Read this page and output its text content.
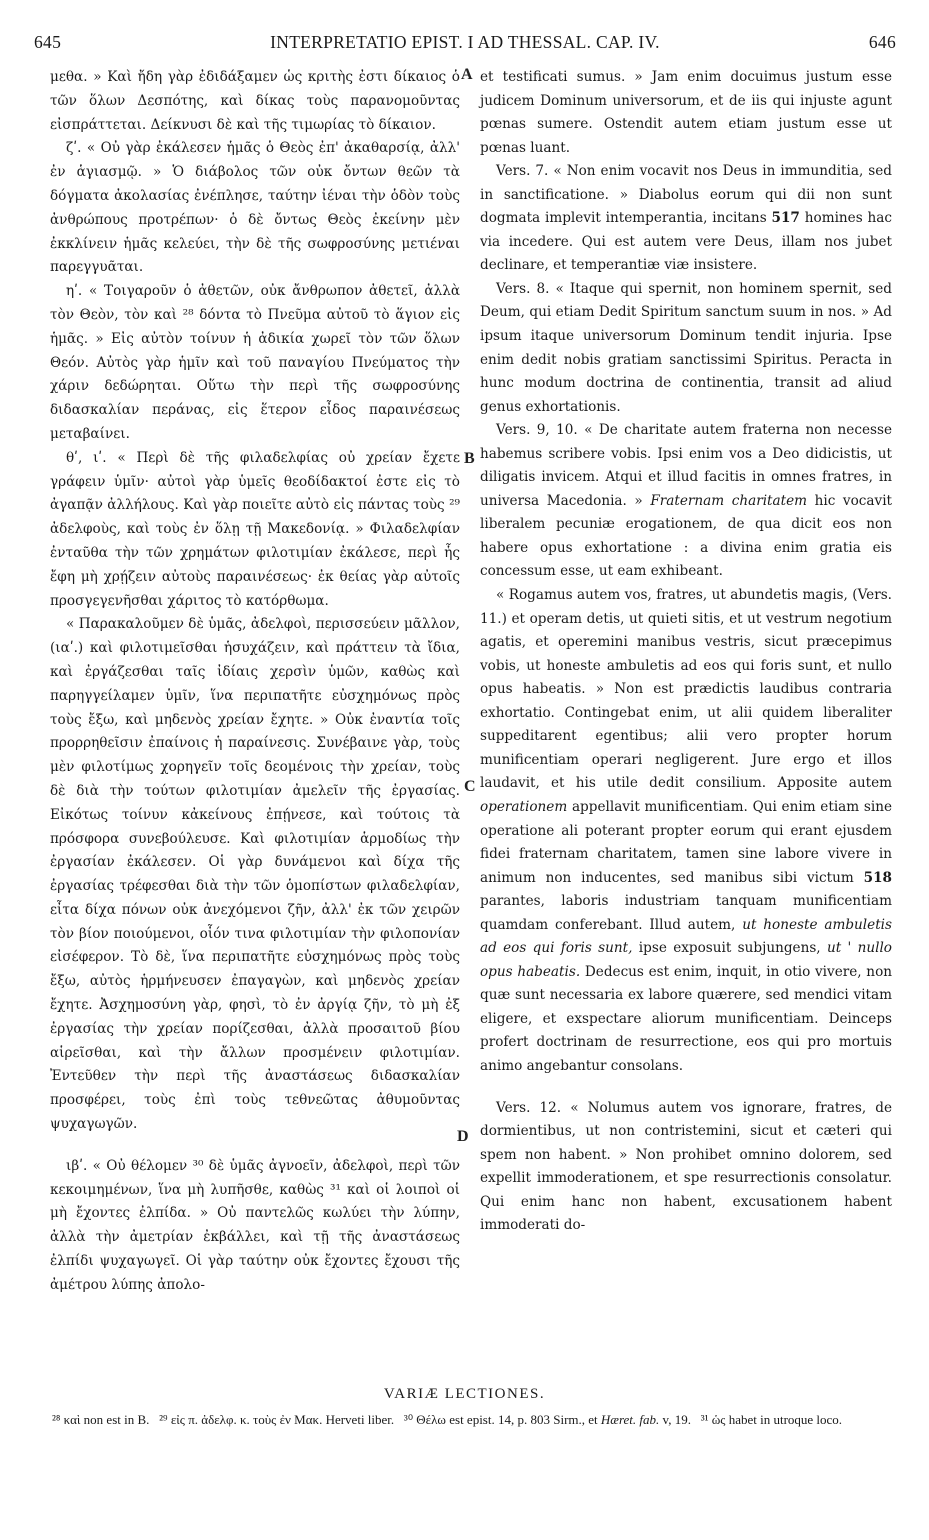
645	INTERPRETATIO EPIST. I AD THESSAL. CAP. IV.	646
A
B
C
D

μεθα. » Καὶ ἤδη γὰρ ἐδιδάξαμεν ὡς κριτὴς ἐστι δίκαιος ὁ τῶν ὅλων Δεσπότης, καὶ δίκας τοὺς παρανομοῦντας εἰσπράττεται. Δείκνυσι δὲ καὶ τῆς τιμωρίας τὸ δίκαιον.

ζʹ. « Οὐ γὰρ ἐκάλεσεν ἡμᾶς ὁ Θεὸς ἐπ' ἀκαθαρσίᾳ, ἀλλ' ἐν ἁγιασμῷ. » Ὁ διάβολος τῶν οὐκ ὄντων θεῶν τὰ δόγματα ἀκολασίας ἐνέπλησε, ταύτην ἰέναι τὴν ὁδὸν τοὺς ἀνθρώπους προτρέπων· ὁ δὲ ὄντως Θεὸς ἐκείνην μὲν ἐκκλίνειν ἡμᾶς κελεύει, τὴν δὲ τῆς σωφροσύνης μετιέναι παρεγγυᾶται.

ηʹ. « Τοιγαροῦν ὁ ἀθετῶν, οὐκ ἄνθρωπον ἀθετεῖ, ἀλλὰ τὸν Θεὸν, τὸν καὶ ²⁸ δόντα τὸ Πνεῦμα αὐτοῦ τὸ ἅγιον εἰς ἡμᾶς. » Εἰς αὐτὸν τοίνυν ἡ ἀδικία χωρεῖ τὸν τῶν ὅλων Θεόν. Αὐτὸς γὰρ ἡμῖν καὶ τοῦ παναγίου Πνεύματος τὴν χάριν δεδώρηται. Οὕτω τὴν περὶ τῆς σωφροσύνης διδασκαλίαν περάνας, εἰς ἕτερον εἶδος παραινέσεως μεταβαίνει.

θʹ, ιʹ. « Περὶ δὲ τῆς φιλαδελφίας οὐ χρείαν ἔχετε γράφειν ὑμῖν· αὐτοὶ γὰρ ὑμεῖς θεοδίδακτοί ἐστε εἰς τὸ ἀγαπᾷν ἀλλήλους. Καὶ γὰρ ποιεῖτε αὐτὸ εἰς πάντας τοὺς ²⁹ ἀδελφοὺς, καὶ τοὺς ἐν ὅλῃ τῇ Μακεδονίᾳ. » Φιλαδελφίαν ἐνταῦθα τὴν τῶν χρημάτων φιλοτιμίαν ἐκάλεσε, περὶ ἧς ἔφη μὴ χρῄζειν αὐτοὺς παραινέσεως· ἐκ θείας γὰρ αὐτοῖς προσγεγενῆσθαι χάριτος τὸ κατόρθωμα.

« Παρακαλοῦμεν δὲ ὑμᾶς, ἀδελφοὶ, περισσεύειν μᾶλλον, (ιαʹ.) καὶ φιλοτιμεῖσθαι ἡσυχάζειν, καὶ πράττειν τὰ ἴδια, καὶ ἐργάζεσθαι ταῖς ἰδίαις χερσὶν ὑμῶν, καθὼς καὶ παρηγγείλαμεν ὑμῖν, ἵνα περιπατῆτε εὐσχημόνως πρὸς τοὺς ἔξω, καὶ μηδενὸς χρείαν ἔχητε. » Οὐκ ἐναντία τοῖς προρρηθεῖσιν ἐπαίνοις ἡ παραίνεσις. Συνέβαινε γὰρ, τοὺς μὲν φιλοτίμως χορηγεῖν τοῖς δεομένοις τὴν χρείαν, τοὺς δὲ διὰ τὴν τούτων φιλοτιμίαν ἀμελεῖν τῆς ἐργασίας. Εἰκότως τοίνυν κἀκείνους ἐπῄνεσε, καὶ τούτοις τὰ πρόσφορα συνεβούλευσε. Καὶ φιλοτιμίαν ἁρμοδίως τὴν ἐργασίαν ἐκάλεσεν. Οἱ γὰρ δυνάμενοι καὶ δίχα τῆς ἐργασίας τρέφεσθαι διὰ τὴν τῶν ὁμοπίστων φιλαδελφίαν, εἶτα δίχα πόνων οὐκ ἀνεχόμενοι ζῆν, ἀλλ' ἐκ τῶν χειρῶν τὸν βίον ποιούμενοι, οἷόν τινα φιλοτιμίαν τὴν φιλοπονίαν εἰσέφερον. Τὸ δὲ, ἵνα περιπατῆτε εὐσχημόνως πρὸς τοὺς ἔξω, αὐτὸς ἡρμήνευσεν ἐπαγαγὼν, καὶ μηδενὸς χρείαν ἔχητε. Ἀσχημοσύνη γὰρ, φησὶ, τὸ ἐν ἀργίᾳ ζῆν, τὸ μὴ ἐξ ἐργασίας τὴν χρείαν πορίζεσθαι, ἀλλὰ προσαιτοῦ βίου αἱρεῖσθαι, καὶ τὴν ἄλλων προσμένειν φιλοτιμίαν. Ἐντεῦθεν τὴν περὶ τῆς ἀναστάσεως διδασκαλίαν προσφέρει, τοὺς ἐπὶ τοὺς τεθνεῶτας ἀθυμοῦντας ψυχαγωγῶν.

ιβʹ. « Οὐ θέλομεν ³⁰ δὲ ὑμᾶς ἀγνοεῖν, ἀδελφοὶ, περὶ τῶν κεκοιμημένων, ἵνα μὴ λυπῆσθε, καθὼς ³¹ καὶ οἱ λοιποὶ οἱ μὴ ἔχοντες ἐλπίδα. » Οὐ παντελῶς κωλύει τὴν λύπην, ἀλλὰ τὴν ἀμετρίαν ἐκβάλλει, καὶ τῇ τῆς ἀναστάσεως ἐλπίδι ψυχαγωγεῖ. Οἱ γὰρ ταύτην οὐκ ἔχοντες ἔχουσι τῆς ἀμέτρου λύπης ἀπολο-

et testificati sumus. » Jam enim docuimus justum esse judicem Dominum universorum, et de iis qui injuste agunt pœnas sumere. Ostendit autem etiam justum esse ut pœnas luant.

Vers. 7. « Non enim vocavit nos Deus in immunditia, sed in sanctificatione. » Diabolus eorum qui dii non sunt dogmata implevit intemperantia, incitans 517 homines hac via incedere. Qui est autem vere Deus, illam nos jubet declinare, et temperantiæ viæ insistere.

Vers. 8. « Itaque qui spernit, non hominem spernit, sed Deum, qui etiam Dedit Spiritum sanctum suum in nos. » Ad ipsum itaque universorum Dominum tendit injuria. Ipse enim dedit nobis gratiam sanctissimi Spiritus. Peracta in hunc modum doctrina de continentia, transit ad aliud genus exhortationis.

Vers. 9, 10. « De charitate autem fraterna non necesse habemus scribere vobis. Ipsi enim vos a Deo didicistis, ut diligatis invicem. Atqui et illud facitis in omnes fratres, in universa Macedonia. » Fraternam charitatem hic vocavit liberalem pecuniæ erogationem, de qua dicit eos non habere opus exhortatione : a divina enim gratia eis concessum esse, ut eam exhibeant.

« Rogamus autem vos, fratres, ut abundetis magis, (Vers. 11.) et operam detis, ut quieti sitis, et ut vestrum negotium agatis, et operemini manibus vestris, sicut præcepimus vobis, ut honeste ambuletis ad eos qui foris sunt, et nullo opus habeatis. » Non est prædictis laudibus contraria exhortatio. Contingebat enim, ut alii quidem liberaliter suppeditarent egentibus; alii vero propter horum munificentiam operari negligerent. Jure ergo et illos laudavit, et his utile dedit consilium. Apposite autem operationem appellavit munificentiam. Qui enim etiam sine operatione ali poterant propter eorum qui erant ejusdem fidei fraternam charitatem, tamen sine labore vivere in animum non inducentes, sed manibus sibi victum 518 parantes, laboris industriam tanquam munificentiam quamdam conferebant. Illud autem, ut honeste ambuletis ad eos qui foris sunt, ipse exposuit subjungens, ut ' nullo opus habeatis. Dedecus est enim, inquit, in otio vivere, non quæ sunt necessaria ex labore quærere, sed mendici vitam eligere, et exspectare aliorum munificentiam. Deinceps profert doctrinam de resurrectione, eos qui pro mortuis animo angebantur consolans.

Vers. 12. « Nolumus autem vos ignorare, fratres, de dormientibus, ut non contristemini, sicut et cæteri qui spem non habent. » Non prohibet omnino dolorem, sed expellit immoderationem, et spe resurrectionis consolatur. Qui enim hanc non habent, excusationem habent immoderati do-

VARIÆ LECTIONES.
²⁸ καὶ non est in B. ²⁹ εἰς π. ἀδελφ. κ. τοὺς ἐν Μακ. Herveti liber. ³⁰ Θέλω est epist. 14, p. 803 Sirm., et Hæret. fab. v, 19. ³¹ ὡς habet in utroque loco.
